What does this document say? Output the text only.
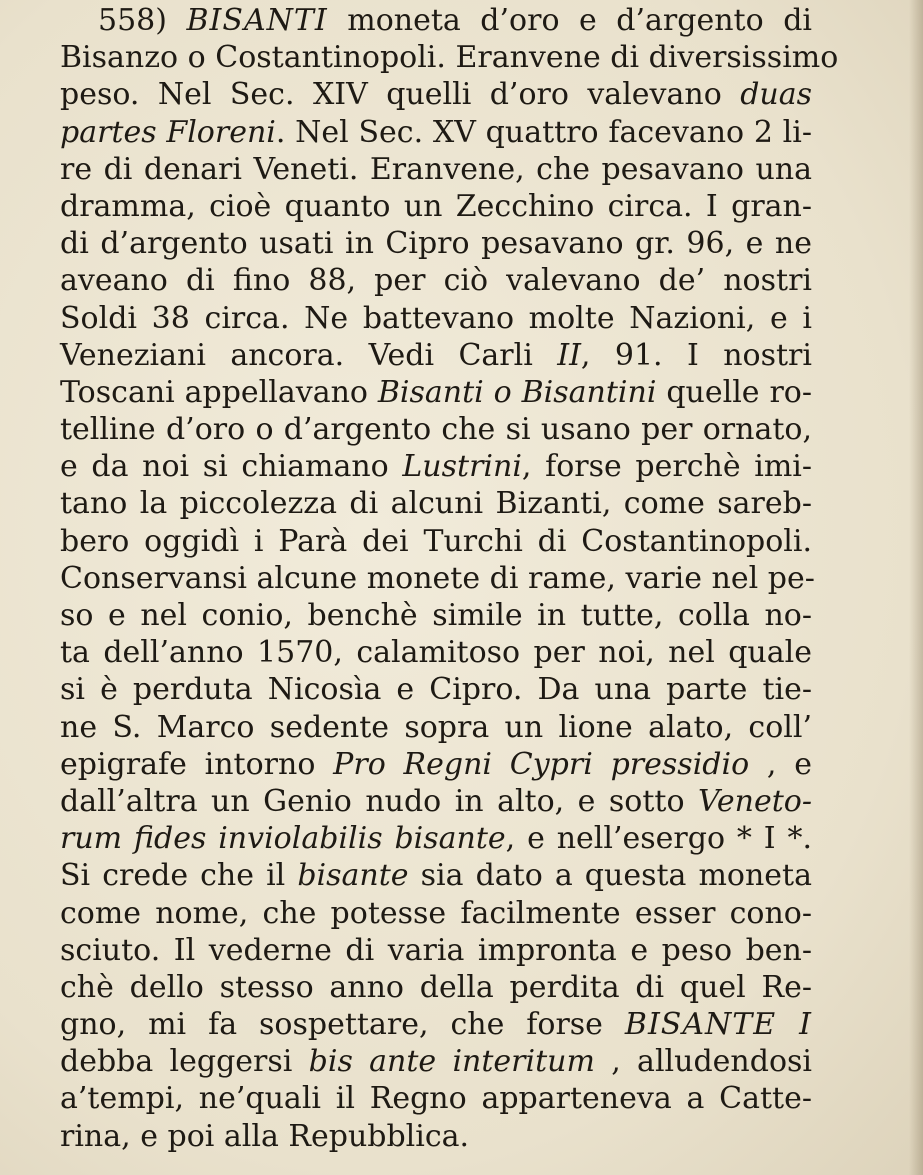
558) BISANTI moneta d’oro e d’argento di
Bisanzo o Costantinopoli. Eranvene di diversissimo
peso. Nel Sec. XIV quelli d’oro valevano duas
partes Floreni. Nel Sec. XV quattro facevano 2 li-
re di denari Veneti. Eranvene, che pesavano una
dramma, cioè quanto un Zecchino circa. I gran-
di d’argento usati in Cipro pesavano gr. 96, e ne
aveano di fino 88, per ciò valevano de’ nostri
Soldi 38 circa. Ne battevano molte Nazioni, e i
Veneziani ancora. Vedi Carli II, 91. I nostri
Toscani appellavano Bisanti o Bisantini quelle ro-
telline d’oro o d’argento che si usano per ornato,
e da noi si chiamano Lustrini, forse perchè imi-
tano la piccolezza di alcuni Bizanti, come sareb-
bero oggidì i Parà dei Turchi di Costantinopoli.
Conservansi alcune monete di rame, varie nel pe-
so e nel conio, benchè simile in tutte, colla no-
ta dell’anno 1570, calamitoso per noi, nel quale
si è perduta Nicosìa e Cipro. Da una parte tie-
ne S. Marco sedente sopra un lione alato, coll’
epigrafe intorno Pro Regni Cypri pressidio , e
dall’altra un Genio nudo in alto, e sotto Veneto-
rum fides inviolabilis bisante, e nell’esergo * I *.
Si crede che il bisante sia dato a questa moneta
come nome, che potesse facilmente esser cono-
sciuto. Il vederne di varia impronta e peso ben-
chè dello stesso anno della perdita di quel Re-
gno, mi fa sospettare, che forse BISANTE I
debba leggersi bis ante interitum , alludendosi
a’tempi, ne’quali il Regno apparteneva a Catte-
rina, e poi alla Repubblica.
